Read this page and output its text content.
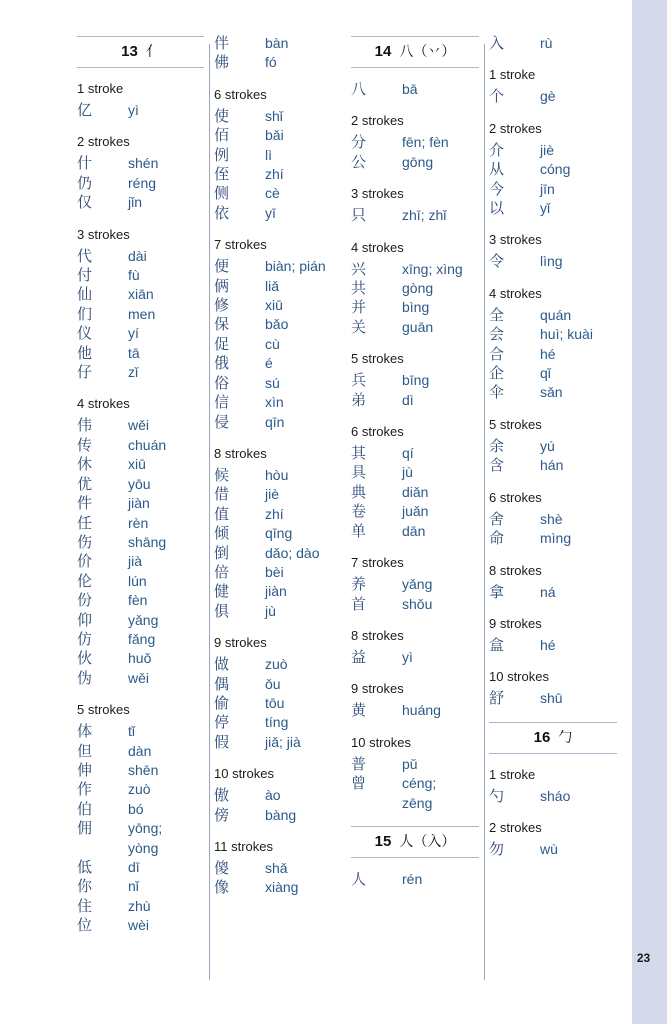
23
13 亻
1 stroke
亿	yì
2 strokes
什	shén
仍	réng
仅	jǐn
3 strokes
代	dài
付	fù
仙	xiān
们	men
仪	yí
他	tā
仔	zǐ
4 strokes
伟	wěi
传	chuán
休	xiū
优	yōu
件	jiàn
任	rèn
伤	shāng
价	jià
伦	lún
份	fèn
仰	yǎng
仿	fǎng
伙	huǒ
伪	wěi
5 strokes
体	tǐ
但	dàn
伸	shēn
作	zuò
伯	bó
佣	yōng;
yòng
低	dī
你	nǐ
住	zhù
位	wèi
伴	bàn
佛	fó
6 strokes
使	shǐ
佰	bǎi
例	lì
侄	zhí
侧	cè
依	yī
7 strokes
便	biàn; pián
俩	liǎ
修	xiū
保	bǎo
促	cù
俄	é
俗	sú
信	xìn
侵	qīn
8 strokes
候	hòu
借	jiè
值	zhí
倾	qīng
倒	dǎo; dào
倍	bèi
健	jiàn
俱	jù
9 strokes
做	zuò
偶	ǒu
偷	tōu
停	tíng
假	jiǎ; jià
10 strokes
傲	ào
傍	bàng
11 strokes
傻	shǎ
像	xiàng
14 八（丷）
八	bā
2 strokes
分	fēn; fèn
公	gōng
3 strokes
只	zhī; zhǐ
4 strokes
兴	xīng; xìng
共	gòng
并	bìng
关	guān
5 strokes
兵	bīng
弟	dì
6 strokes
其	qí
具	jù
典	diǎn
卷	juǎn
单	dān
7 strokes
养	yǎng
首	shǒu
8 strokes
益	yì
9 strokes
黄	huáng
10 strokes
普	pǔ
曾	céng;
zēng
15 人（入）
人	rén
入	rù
1 stroke
个	gè
2 strokes
介	jiè
从	cóng
今	jīn
以	yǐ
3 strokes
令	lìng
4 strokes
全	quán
会	huì; kuài
合	hé
企	qǐ
伞	sǎn
5 strokes
余	yú
含	hán
6 strokes
舍	shè
命	mìng
8 strokes
拿	ná
9 strokes
盒	hé
10 strokes
舒	shū
16 勹
1 stroke
勺	sháo
2 strokes
勿	wù
